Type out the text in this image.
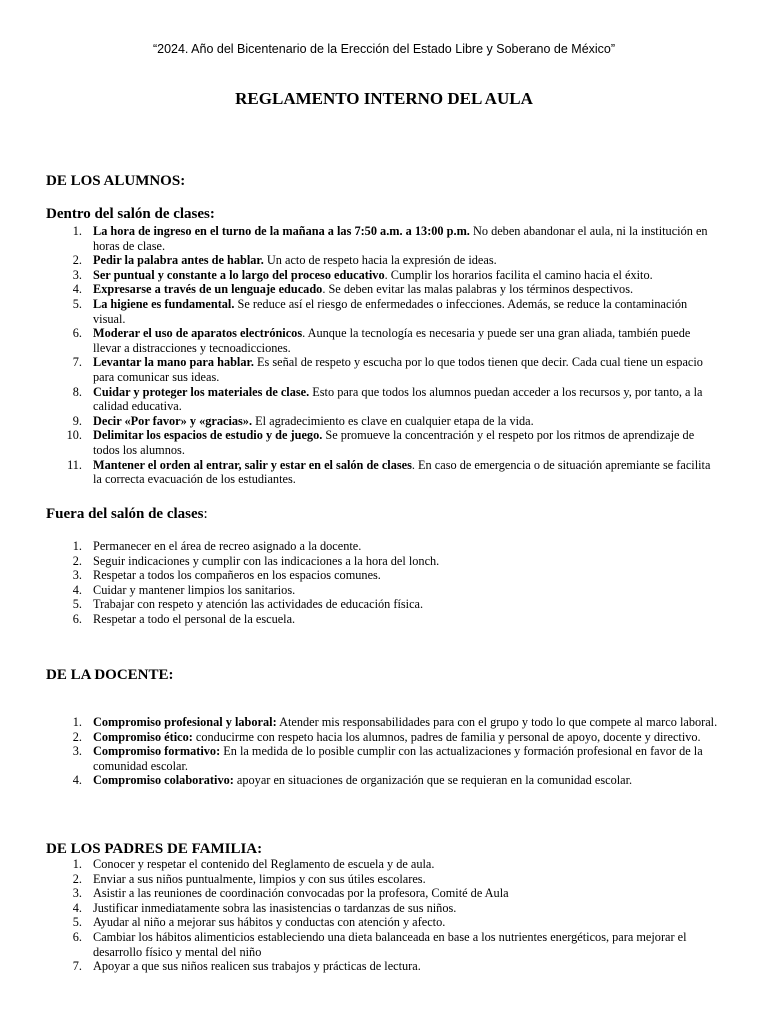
“2024. Año del Bicentenario de la Erección del Estado Libre y Soberano de México”
REGLAMENTO INTERNO DEL AULA
DE LOS ALUMNOS:
Dentro del salón de clases:
1. La hora de ingreso en el turno de la mañana a las 7:50 a.m. a 13:00 p.m. No deben abandonar el aula, ni la institución en horas de clase.
2. Pedir la palabra antes de hablar. Un acto de respeto hacia la expresión de ideas.
3. Ser puntual y constante a lo largo del proceso educativo. Cumplir los horarios facilita el camino hacia el éxito.
4. Expresarse a través de un lenguaje educado. Se deben evitar las malas palabras y los términos despectivos.
5. La higiene es fundamental. Se reduce así el riesgo de enfermedades o infecciones. Además, se reduce la contaminación visual.
6. Moderar el uso de aparatos electrónicos. Aunque la tecnología es necesaria y puede ser una gran aliada, también puede llevar a distracciones y tecnoadicciones.
7. Levantar la mano para hablar. Es señal de respeto y escucha por lo que todos tienen que decir. Cada cual tiene un espacio para comunicar sus ideas.
8. Cuidar y proteger los materiales de clase. Esto para que todos los alumnos puedan acceder a los recursos y, por tanto, a la calidad educativa.
9. Decir «Por favor» y «gracias». El agradecimiento es clave en cualquier etapa de la vida.
10. Delimitar los espacios de estudio y de juego. Se promueve la concentración y el respeto por los ritmos de aprendizaje de todos los alumnos.
11. Mantener el orden al entrar, salir y estar en el salón de clases. En caso de emergencia o de situación apremiante se facilita la correcta evacuación de los estudiantes.
Fuera del salón de clases:
1. Permanecer en el área de recreo asignado a la docente.
2. Seguir indicaciones y cumplir con las indicaciones a la hora del lonch.
3. Respetar a todos los compañeros en los espacios comunes.
4. Cuidar y mantener limpios los sanitarios.
5. Trabajar con respeto y atención las actividades de educación física.
6. Respetar a todo el personal de la escuela.
DE LA DOCENTE:
1. Compromiso profesional y laboral: Atender mis responsabilidades para con el grupo y todo lo que compete al marco laboral.
2. Compromiso ético: conducirme con respeto hacia los alumnos, padres de familia y personal de apoyo, docente y directivo.
3. Compromiso formativo: En la medida de lo posible cumplir con las actualizaciones y formación profesional en favor de la comunidad escolar.
4. Compromiso colaborativo: apoyar en situaciones de organización que se requieran en la comunidad escolar.
DE LOS PADRES DE FAMILIA:
1. Conocer y respetar el contenido del Reglamento de escuela y de aula.
2. Enviar a sus niños puntualmente, limpios y con sus útiles escolares.
3. Asistir a las reuniones de coordinación convocadas por la profesora, Comité de Aula
4. Justificar inmediatamente sobra las inasistencias o tardanzas de sus niños.
5. Ayudar al niño a mejorar sus hábitos y conductas con atención y afecto.
6. Cambiar los hábitos alimenticios estableciendo una dieta balanceada en base a los nutrientes energéticos, para mejorar el desarrollo físico y mental del niño
7. Apoyar a que sus niños realicen sus trabajos y prácticas de lectura.
